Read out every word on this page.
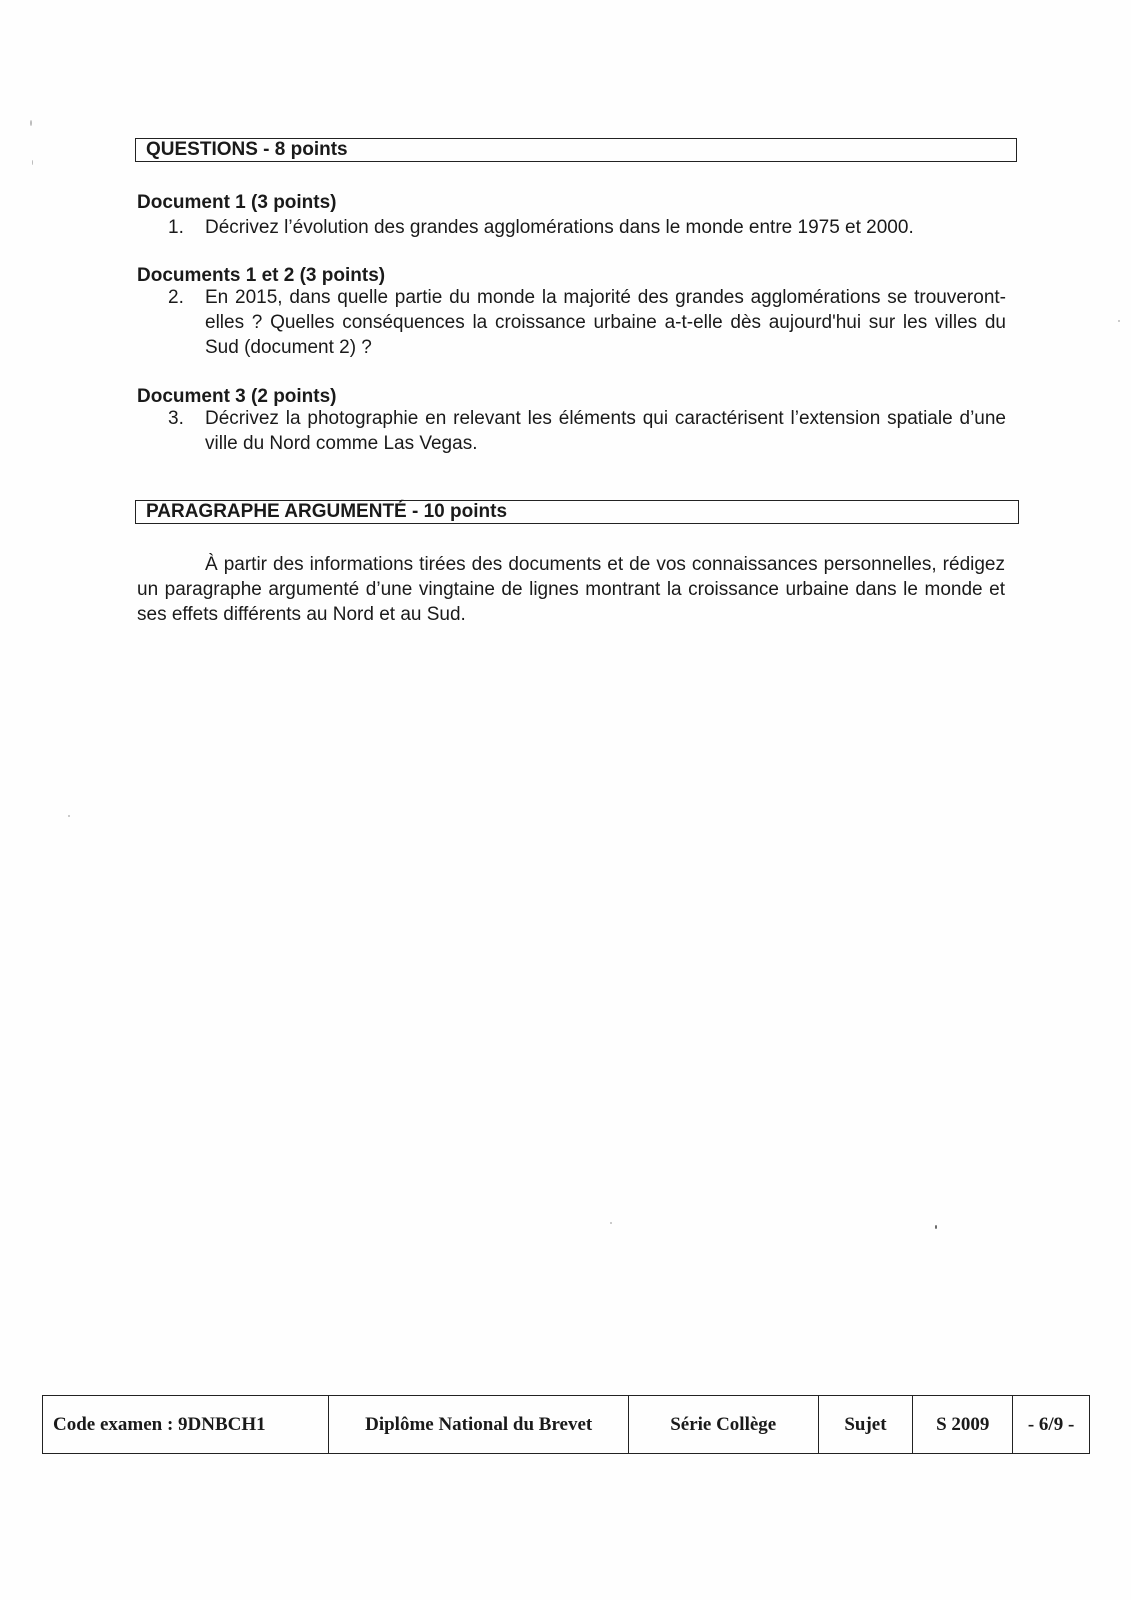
QUESTIONS - 8 points
Document 1 (3 points)
1.	Décrivez l’évolution des grandes agglomérations dans le monde entre 1975 et 2000.
Documents 1 et 2 (3 points)
2.	En 2015, dans quelle partie du monde la majorité des grandes agglomérations se trouveront-elles ? Quelles conséquences la croissance urbaine a-t-elle dès aujourd'hui sur les villes du Sud (document 2) ?
Document 3 (2 points)
3.	Décrivez la photographie en relevant les éléments qui caractérisent l’extension spatiale d’une ville du Nord comme Las Vegas.
PARAGRAPHE ARGUMENTÉ - 10 points
À partir des informations tirées des documents et de vos connaissances personnelles, rédigez un paragraphe argumenté d’une vingtaine de lignes montrant la croissance urbaine dans le monde et ses effets différents au Nord et au Sud.
Code examen : 9DNBCH1	Diplôme National du Brevet	Série Collège	Sujet	S 2009	- 6/9 -
